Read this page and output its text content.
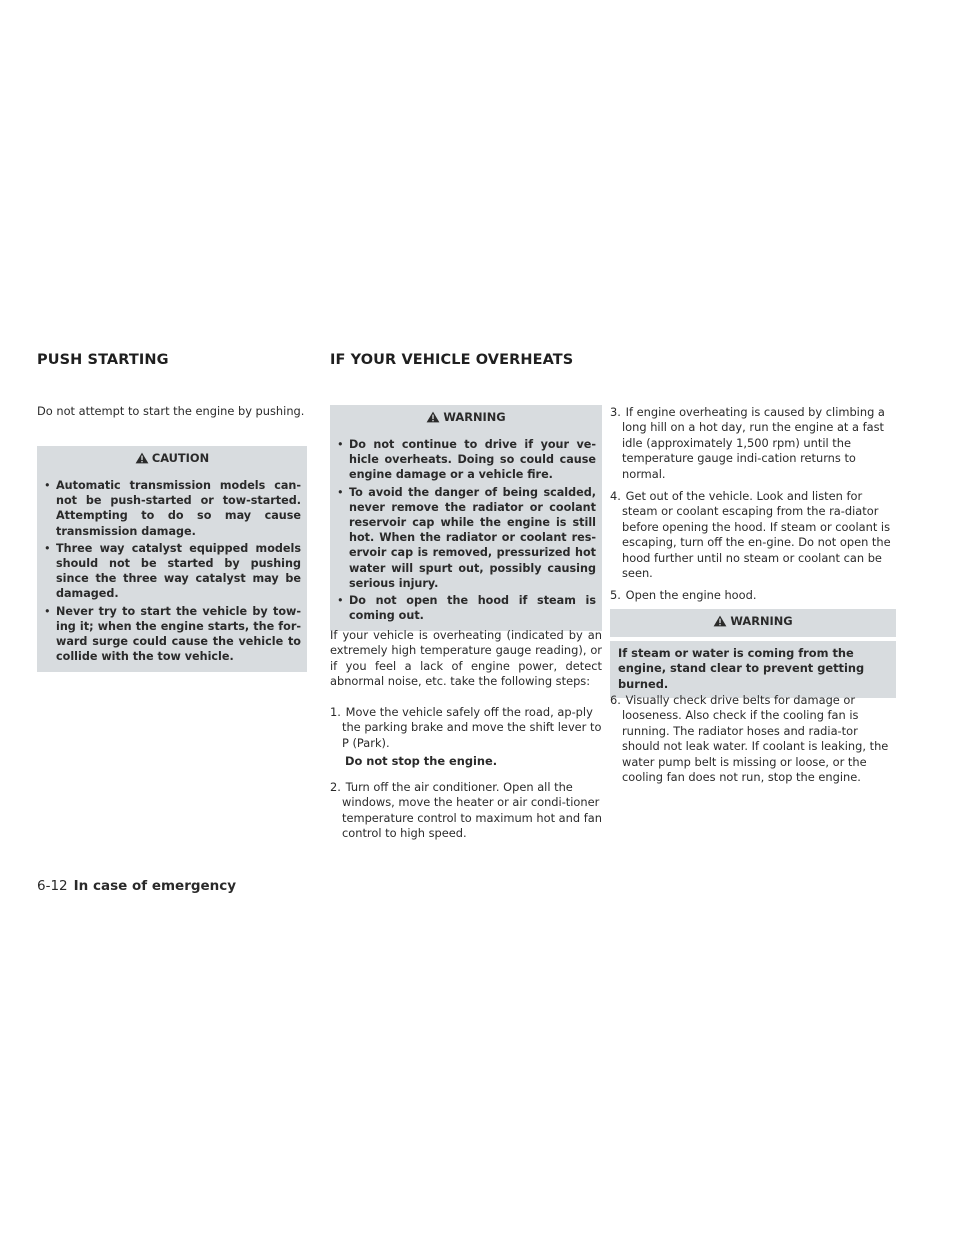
PUSH STARTING	IF YOUR VEHICLE OVERHEATS

Do not attempt to start the engine by pushing.

CAUTION
• Automatic transmission models can-not be push-started or tow-started. Attempting to do so may cause transmission damage.
• Three way catalyst equipped models should not be started by pushing since the three way catalyst may be damaged.
• Never try to start the vehicle by tow-ing it; when the engine starts, the for-ward surge could cause the vehicle to collide with the tow vehicle.
WARNING
• Do not continue to drive if your ve-hicle overheats. Doing so could cause engine damage or a vehicle fire.
• To avoid the danger of being scalded, never remove the radiator or coolant reservoir cap while the engine is still hot. When the radiator or coolant res-ervoir cap is removed, pressurized hot water will spurt out, possibly causing serious injury.
• Do not open the hood if steam is coming out.

If your vehicle is overheating (indicated by an extremely high temperature gauge reading), or if you feel a lack of engine power, detect abnormal noise, etc. take the following steps:

1. Move the vehicle safely off the road, ap-ply the parking brake and move the shift lever to P (Park).
Do not stop the engine.
2. Turn off the air conditioner. Open all the windows, move the heater or air condi-tioner temperature control to maximum hot and fan control to high speed.
3. If engine overheating is caused by climbing a long hill on a hot day, run the engine at a fast idle (approximately 1,500 rpm) until the temperature gauge indi-cation returns to normal.
4. Get out of the vehicle. Look and listen for steam or coolant escaping from the ra-diator before opening the hood. If steam or coolant is escaping, turn off the en-gine. Do not open the hood further until no steam or coolant can be seen.
5. Open the engine hood.
WARNING
If steam or water is coming from the engine, stand clear to prevent getting burned.
6. Visually check drive belts for damage or looseness. Also check if the cooling fan is running. The radiator hoses and radia-tor should not leak water. If coolant is leaking, the water pump belt is missing or loose, or the cooling fan does not run, stop the engine.
6-12 In case of emergency
